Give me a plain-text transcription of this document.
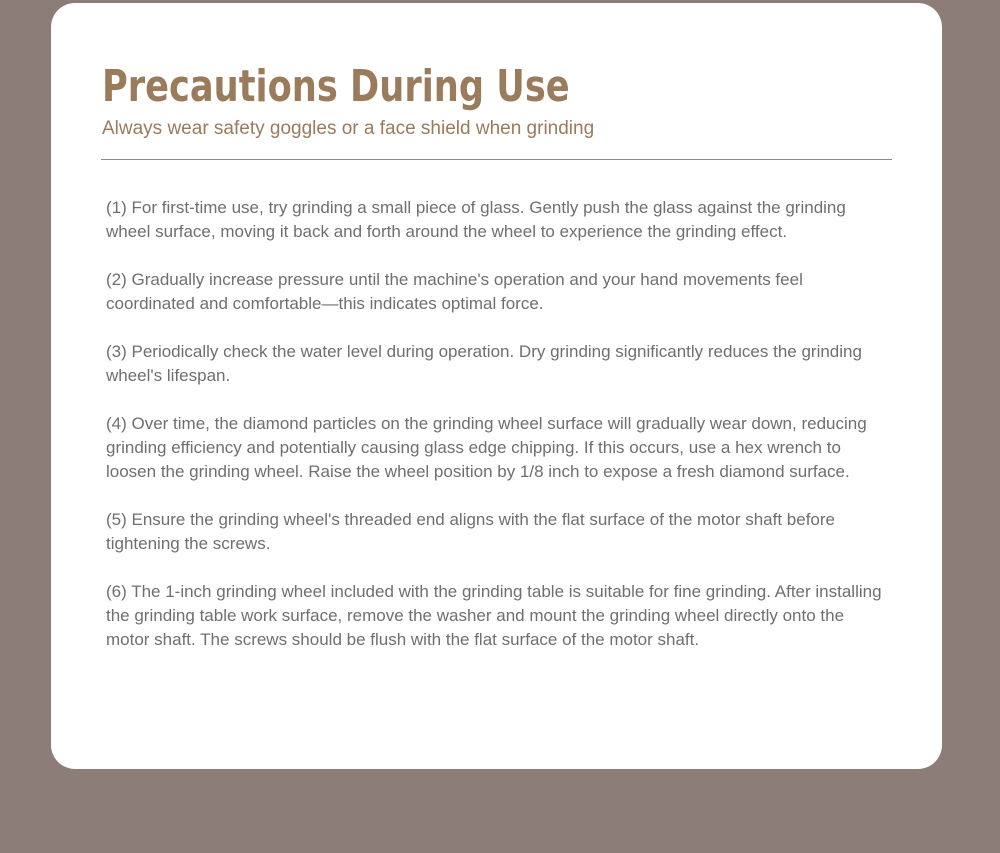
Precautions During Use

Always wear safety goggles or a face shield when grinding

(1) For first-time use, try grinding a small piece of glass. Gently push the glass against the grinding wheel surface, moving it back and forth around the wheel to experience the grinding effect.
(2) Gradually increase pressure until the machine's operation and your hand movements feel coordinated and comfortable—this indicates optimal force.
(3) Periodically check the water level during operation. Dry grinding significantly reduces the grinding wheel's lifespan.
(4) Over time, the diamond particles on the grinding wheel surface will gradually wear down, reducing grinding efficiency and potentially causing glass edge chipping. If this occurs, use a hex wrench to loosen the grinding wheel. Raise the wheel position by 1/8 inch to expose a fresh diamond surface.
(5) Ensure the grinding wheel's threaded end aligns with the flat surface of the motor shaft before tightening the screws.
(6) The 1-inch grinding wheel included with the grinding table is suitable for fine grinding. After installing the grinding table work surface, remove the washer and mount the grinding wheel directly onto the motor shaft. The screws should be flush with the flat surface of the motor shaft.
